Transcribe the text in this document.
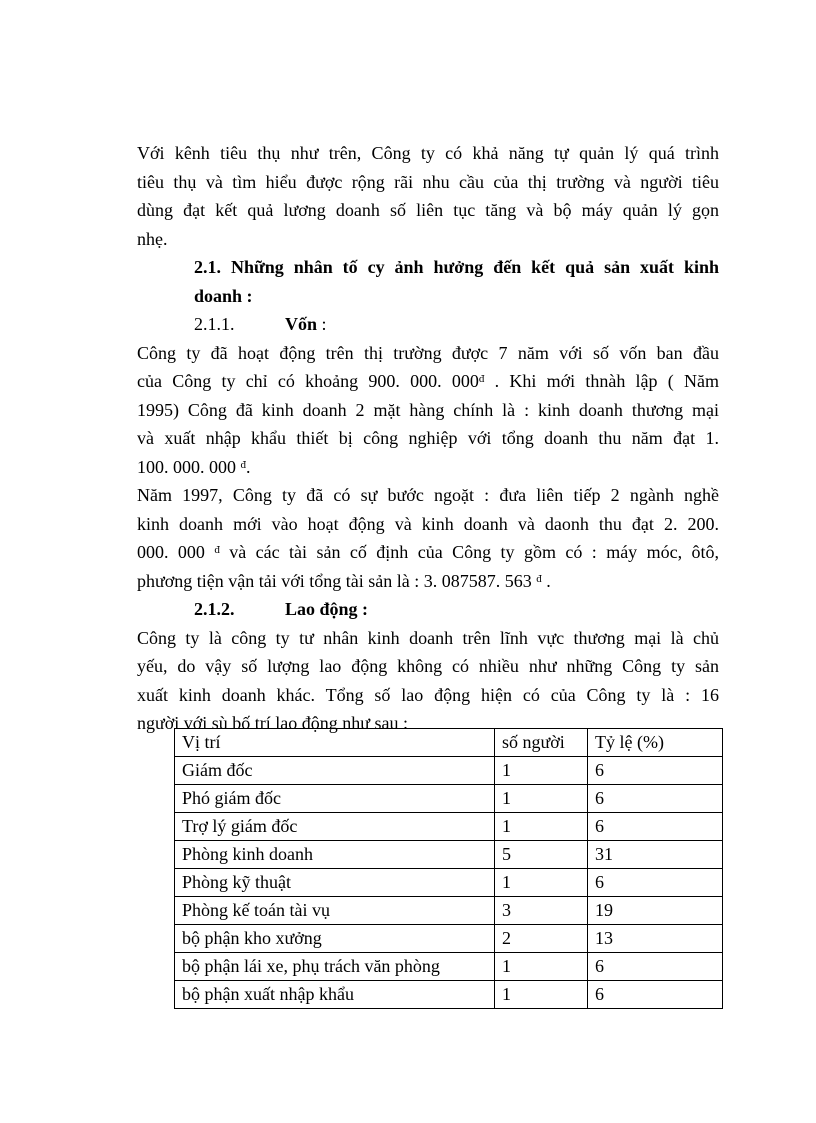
Với kênh tiêu thụ như trên, Công ty có khả năng tự quản lý quá trình

tiêu thụ và tìm hiểu được rộng rãi nhu cầu của thị trường và người tiêu

dùng đạt kết quả lương doanh số liên tục tăng và bộ máy quản lý gọn

nhẹ.

2.1. Những nhân tố cy ảnh hưởng đến kết quả sản xuất kinh

doanh :

2.1.1.	Vốn :

Công ty đã hoạt động trên thị trường được 7 năm với số vốn ban đầu

của Công ty chỉ có khoảng 900. 000. $000^đ$ . Khi mới thnàh lập ( Năm

1995) Công đã kinh doanh 2 mặt hàng chính là : kinh doanh thương mại

và xuất nhập khẩu thiết bị công nghiệp với tổng doanh thu năm đạt 1.

100. 000. 000 $^đ$.

Năm 1997, Công ty đã có sự bước ngoặt : đưa liên tiếp 2 ngành nghề

kinh doanh mới vào hoạt động và kinh doanh và daonh thu đạt 2. 200.

000. 000 $^đ$ và các tài sản cố định của Công ty gồm có : máy móc, ôtô,

phương tiện vận tải với tổng tài sản là : 3. 087587. 563 $^đ$ .

2.1.2.	Lao động :

Công ty là công ty tư nhân kinh doanh trên lĩnh vực thương mại là chủ

yếu, do vậy số lượng lao động không có nhiều như những Công ty sản

xuất kinh doanh khác. Tổng số lao động hiện có của Công ty là : 16

người với sù bố trí lao động như sau :

Vị trí	số người	Tỷ lệ (%)
Giám đốc	1	6
Phó giám đốc	1	6
Trợ lý giám đốc	1	6
Phòng kinh doanh	5	31
Phòng kỹ thuật	1	6
Phòng kế toán tài vụ	3	19
bộ phận kho xưởng	2	13
bộ phận lái xe, phụ trách văn phòng	1	6
bộ phận xuất nhập khẩu	1	6
